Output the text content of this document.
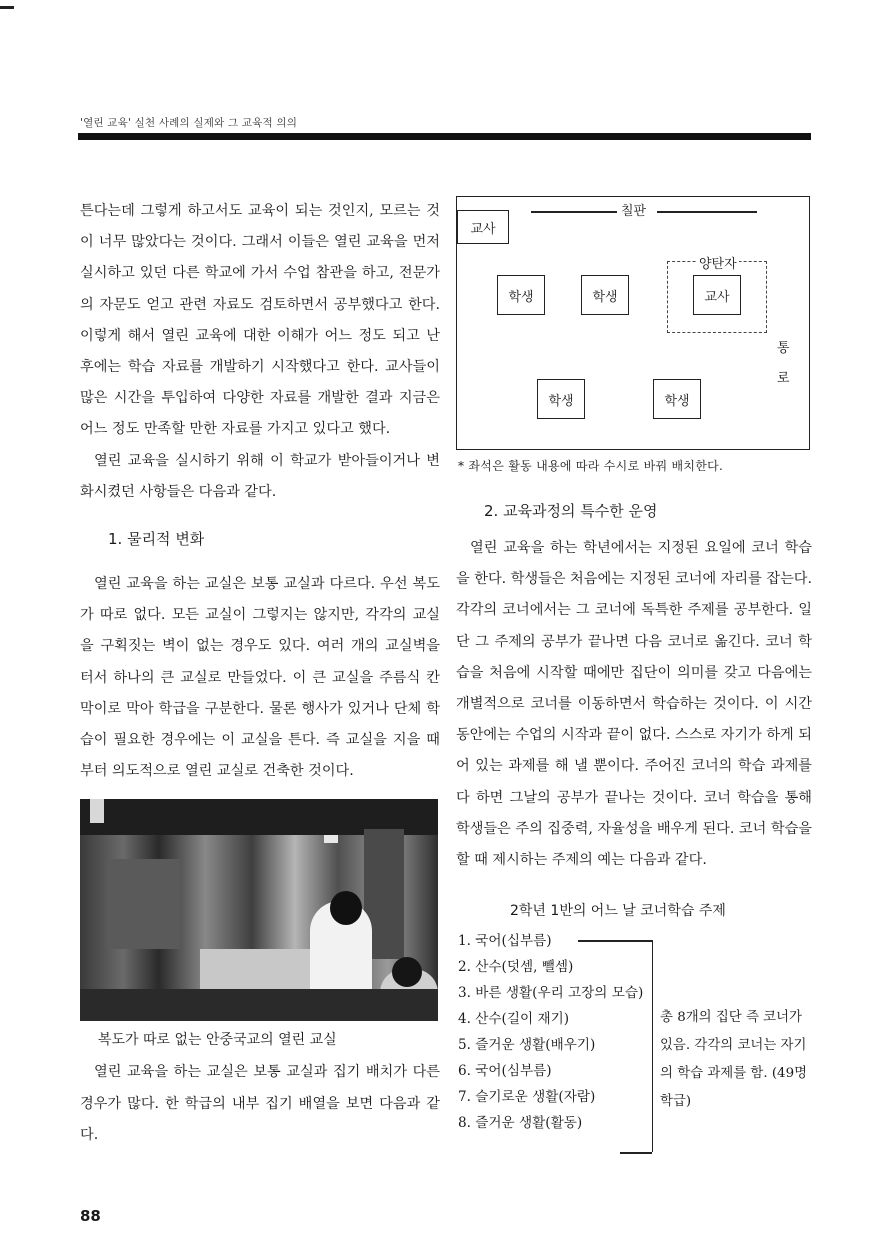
'열린 교육' 실천 사례의 실제와 그 교육적 의의

튼다는데 그렇게 하고서도 교육이 되는 것인지, 모르는 것이 너무 많았다는 것이다. 그래서 이들은 열린 교육을 먼저 실시하고 있던 다른 학교에 가서 수업 참관을 하고, 전문가의 자문도 얻고 관련 자료도 검토하면서 공부했다고 한다. 이렇게 해서 열린 교육에 대한 이해가 어느 정도 되고 난 후에는 학습 자료를 개발하기 시작했다고 한다. 교사들이 많은 시간을 투입하여 다양한 자료를 개발한 결과 지금은 어느 정도 만족할 만한 자료를 가지고 있다고 했다.

열린 교육을 실시하기 위해 이 학교가 받아들이거나 변화시켰던 사항들은 다음과 같다.

1. 물리적 변화

열린 교육을 하는 교실은 보통 교실과 다르다. 우선 복도가 따로 없다. 모든 교실이 그렇지는 않지만, 각각의 교실을 구획짓는 벽이 없는 경우도 있다. 여러 개의 교실벽을 터서 하나의 큰 교실로 만들었다. 이 큰 교실을 주름식 칸막이로 막아 학급을 구분한다. 물론 행사가 있거나 단체 학습이 필요한 경우에는 이 교실을 튼다. 즉 교실을 지을 때부터 의도적으로 열린 교실로 건축한 것이다.

복도가 따로 없는 안중국교의 열린 교실

열린 교육을 하는 교실은 보통 교실과 집기 배치가 다른 경우가 많다. 한 학급의 내부 집기 배열을 보면 다음과 같다.

칠판
교사
양탄자
교사
학생	학생
학생	학생
통
로
* 좌석은 활동 내용에 따라 수시로 바꿔 배치한다.
2. 교육과정의 특수한 운영

열린 교육을 하는 학년에서는 지정된 요일에 코너 학습을 한다. 학생들은 처음에는 지정된 코너에 자리를 잡는다. 각각의 코너에서는 그 코너에 독특한 주제를 공부한다. 일단 그 주제의 공부가 끝나면 다음 코너로 옮긴다. 코너 학습을 처음에 시작할 때에만 집단이 의미를 갖고 다음에는 개별적으로 코너를 이동하면서 학습하는 것이다. 이 시간 동안에는 수업의 시작과 끝이 없다. 스스로 자기가 하게 되어 있는 과제를 해 낼 뿐이다. 주어진 코너의 학습 과제를 다 하면 그날의 공부가 끝나는 것이다. 코너 학습을 통해 학생들은 주의 집중력, 자율성을 배우게 된다. 코너 학습을 할 때 제시하는 주제의 예는 다음과 같다.

2학년 1반의 어느 날 코너학습 주제
1. 국어(십부름)
2. 산수(덧셈, 뺄셈)
3. 바른 생활(우리 고장의 모습)
4. 산수(길이 재기)
5. 즐거운 생활(배우기)
6. 국어(심부름)
7. 슬기로운 생활(자람)
8. 즐거운 생활(활동)
총 8개의 집단 즉 코너가 있음. 각각의 코너는 자기의 학습 과제를 함. (49명 학급)
88
